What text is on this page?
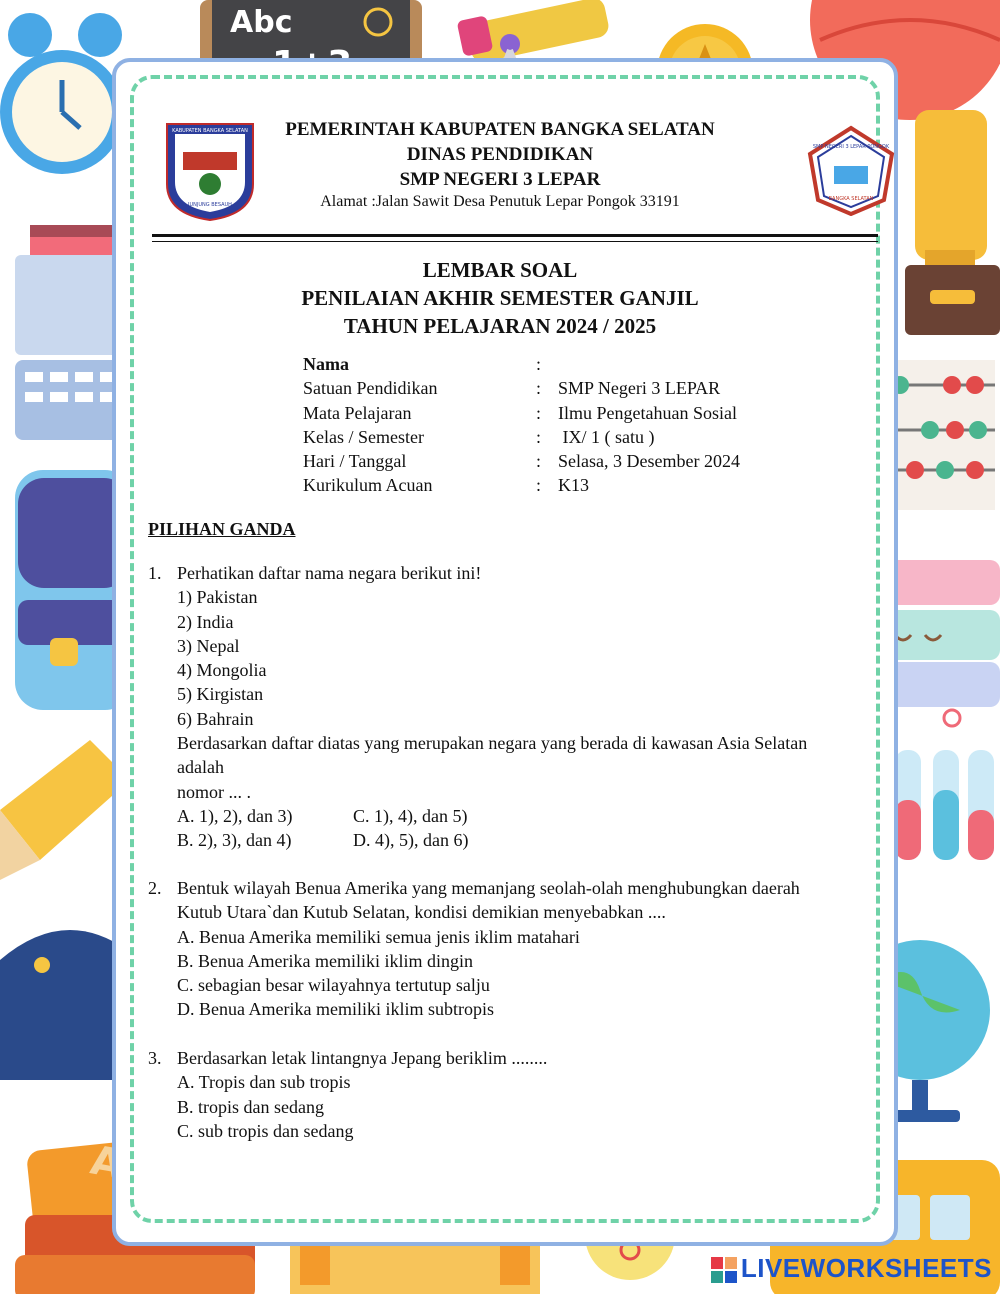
Abc
KABUPATEN BANGKA SELATAN
JUNJUNG BESAUH
SMP NEGERI 3 LEPAR PONGOK
BANGKA SELATAN
PEMERINTAH KABUPATEN BANGKA SELATAN
DINAS PENDIDIKAN
SMP NEGERI 3 LEPAR
Alamat :Jalan Sawit Desa Penutuk Lepar Pongok 33191
LEMBAR SOAL
PENILAIAN AKHIR SEMESTER GANJIL
TAHUN PELAJARAN 2024 / 2025
Nama	:
Satuan Pendidikan	: SMP Negeri 3 LEPAR
Mata Pelajaran	: Ilmu Pengetahuan Sosial
Kelas / Semester	: IX/ 1 ( satu )
Hari / Tanggal	: Selasa, 3 Desember 2024
Kurikulum Acuan	: K13
PILIHAN GANDA
1. Perhatikan daftar nama negara berikut ini!
1) Pakistan
2) India
3) Nepal
4) Mongolia
5) Kirgistan
6) Bahrain
Berdasarkan daftar diatas yang merupakan negara yang berada di kawasan Asia Selatan
adalah
nomor ... .
A. 1), 2), dan 3)	C. 1), 4), dan 5)
B. 2), 3), dan 4)	D. 4), 5), dan 6)
2. Bentuk wilayah Benua Amerika yang memanjang seolah-olah menghubungkan daerah
Kutub Utara`dan Kutub Selatan, kondisi demikian menyebabkan ....
A. Benua Amerika memiliki semua jenis iklim matahari
B. Benua Amerika memiliki iklim dingin
C. sebagian besar wilayahnya tertutup salju
D. Benua Amerika memiliki iklim subtropis
3. Berdasarkan letak lintangnya Jepang beriklim ........
A. Tropis dan sub tropis
B. tropis dan sedang
C. sub tropis dan sedang
LIVEWORKSHEETS
